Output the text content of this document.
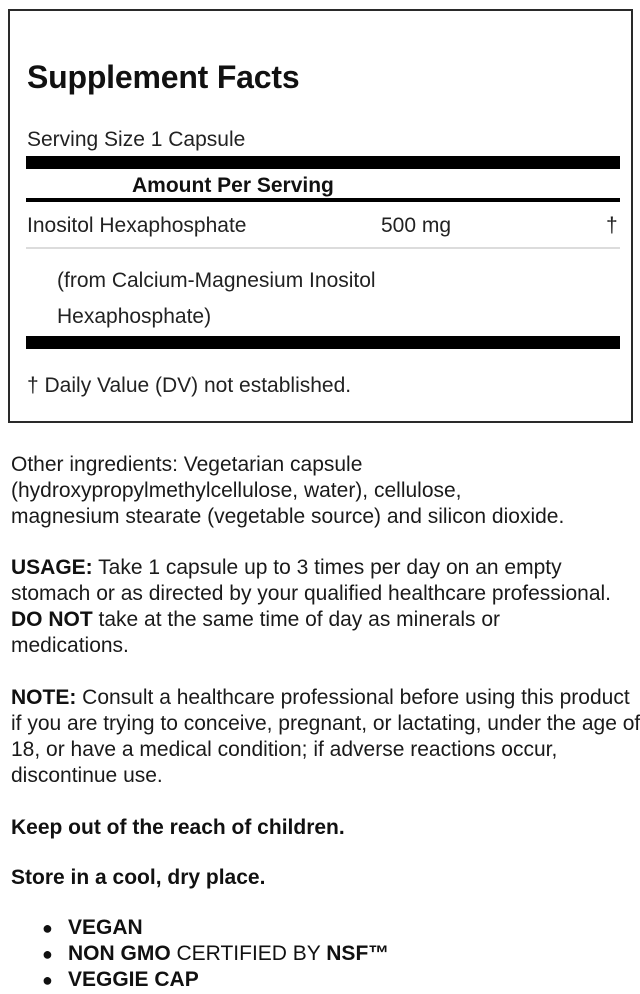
Supplement Facts
Serving Size 1 Capsule
Amount Per Serving
Inositol Hexaphosphate	500 mg	†
(from Calcium-Magnesium Inositol
Hexaphosphate)
† Daily Value (DV) not established.
Other ingredients: Vegetarian capsule
(hydroxypropylmethylcellulose, water), cellulose,
magnesium stearate (vegetable source) and silicon dioxide.
USAGE: Take 1 capsule up to 3 times per day on an empty stomach or as directed by your qualified healthcare professional. DO NOT take at the same time of day as minerals or medications.
NOTE: Consult a healthcare professional before using this product if you are trying to conceive, pregnant, or lactating, under the age of 18, or have a medical condition; if adverse reactions occur, discontinue use.
Keep out of the reach of children.
Store in a cool, dry place.
● VEGAN
● NON GMO CERTIFIED BY NSF™
● VEGGIE CAP
